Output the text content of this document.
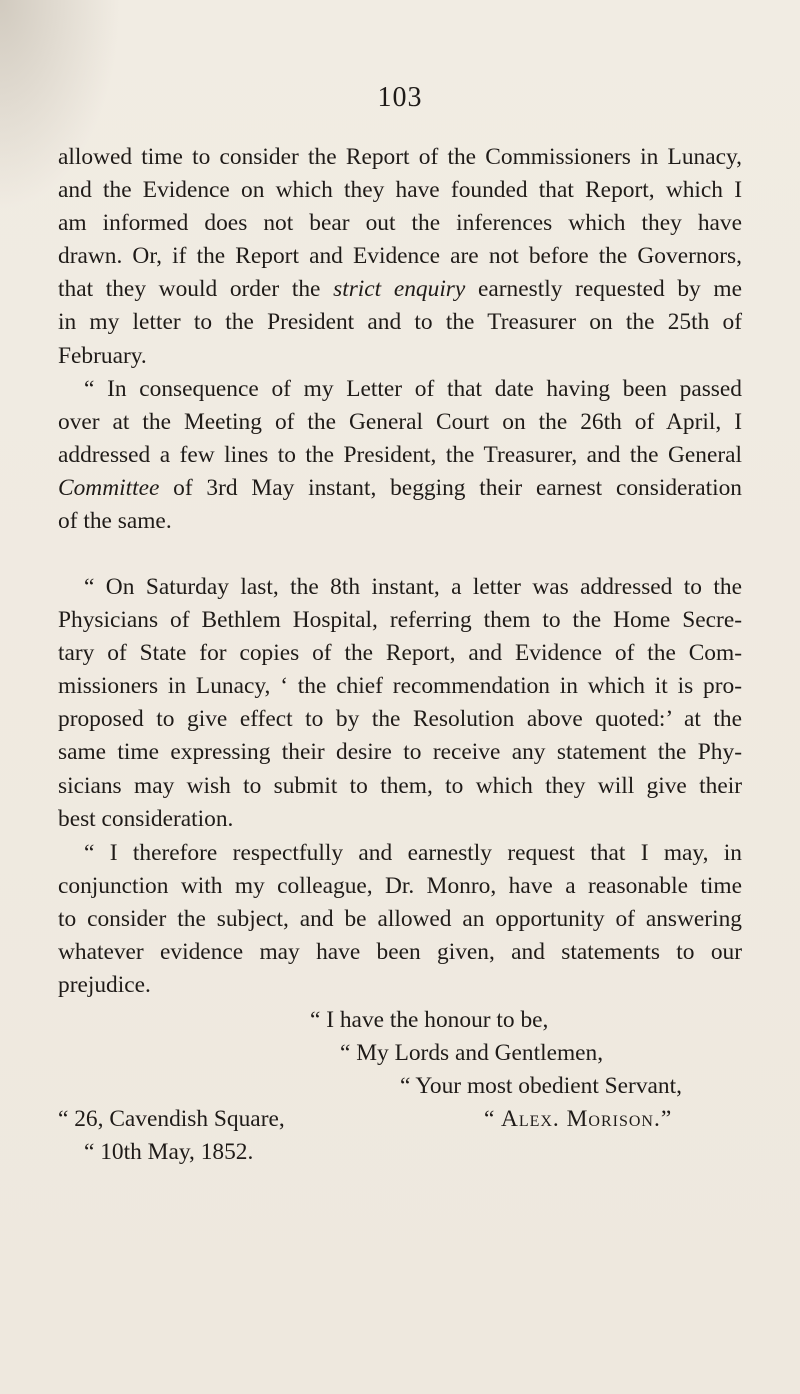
103
allowed time to consider the Report of the Commissioners in Lunacy,
and the Evidence on which they have founded that Report, which I
am informed does not bear out the inferences which they have
drawn. Or, if the Report and Evidence are not before the Governors,
that they would order the strict enquiry earnestly requested by me
in my letter to the President and to the Treasurer on the 25th of
February.
“ In consequence of my Letter of that date having been passed
over at the Meeting of the General Court on the 26th of April, I
addressed a few lines to the President, the Treasurer, and the General
Committee of 3rd May instant, begging their earnest consideration
of the same.
“ On Saturday last, the 8th instant, a letter was addressed to the
Physicians of Bethlem Hospital, referring them to the Home Secre-
tary of State for copies of the Report, and Evidence of the Com-
missioners in Lunacy, ‘ the chief recommendation in which it is pro-
proposed to give effect to by the Resolution above quoted:’ at the
same time expressing their desire to receive any statement the Phy-
sicians may wish to submit to them, to which they will give their
best consideration.
“ I therefore respectfully and earnestly request that I may, in
conjunction with my colleague, Dr. Monro, have a reasonable time
to consider the subject, and be allowed an opportunity of answering
whatever evidence may have been given, and statements to our
prejudice.
“ I have the honour to be,
“ My Lords and Gentlemen,
“ Your most obedient Servant,
“ 26, Cavendish Square,	“ Alex. Morison.”
“ 10th May, 1852.
